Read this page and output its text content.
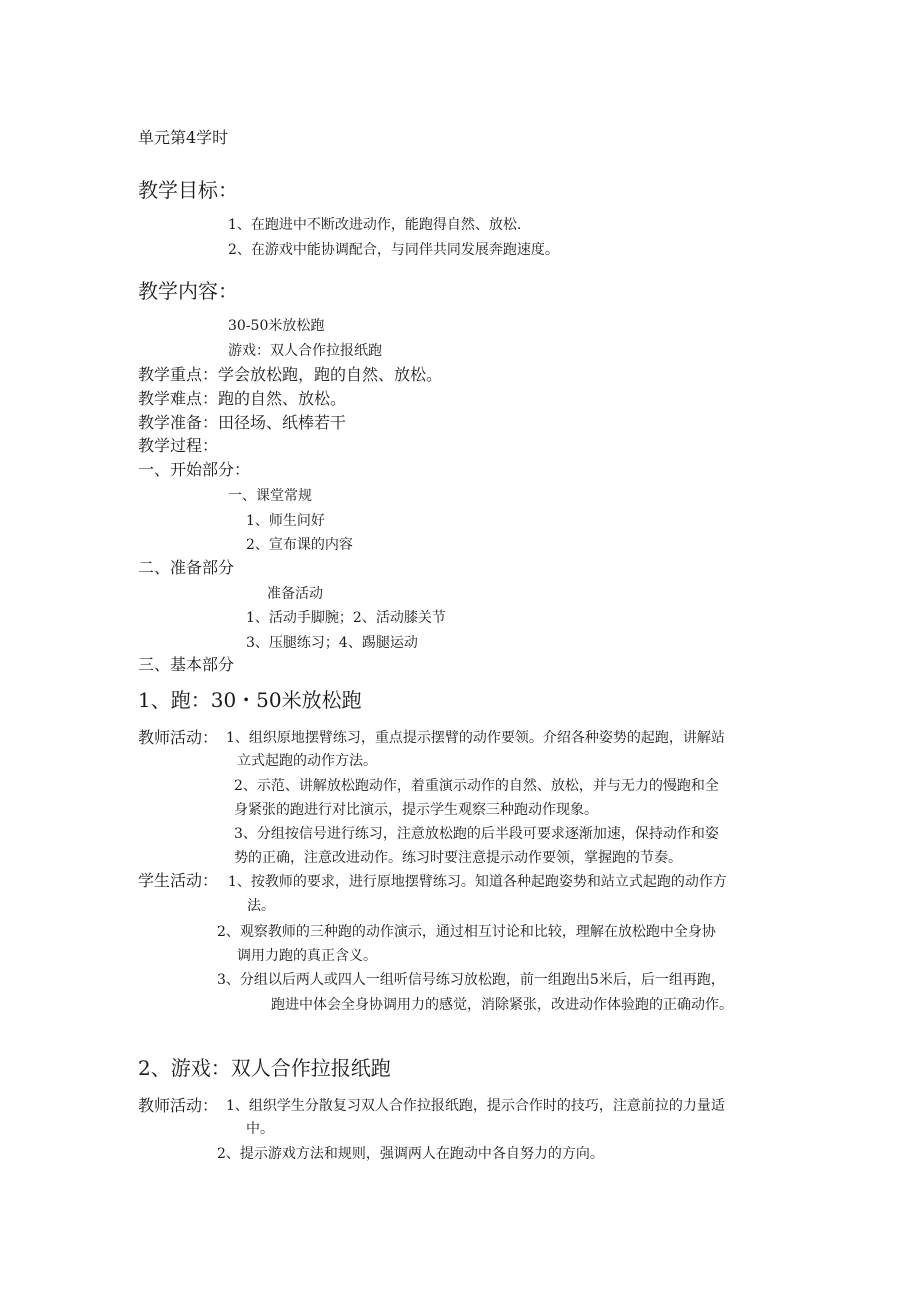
单元第4学时
教学目标：
1、在跑进中不断改进动作，能跑得自然、放松.
2、在游戏中能协调配合，与同伴共同发展奔跑速度。
教学内容：
30-50米放松跑
游戏：双人合作拉报纸跑
教学重点：学会放松跑，跑的自然、放松。
教学难点：跑的自然、放松。
教学准备：田径场、纸棒若干
教学过程：
一、开始部分：
一、课堂常规
1、师生问好
2、宣布课的内容
二、准备部分
准备活动
1、活动手脚腕；2、活动膝关节
3、压腿练习；4、踢腿运动
三、基本部分
1、跑：30・50米放松跑
教师活动： 1、组织原地摆臂练习，重点提示摆臂的动作要领。介绍各种姿势的起跑，讲解站
立式起跑的动作方法。
2、示范、讲解放松跑动作，着重演示动作的自然、放松，并与无力的慢跑和全
身紧张的跑进行对比演示，提示学生观察三种跑动作现象。
3、分组按信号进行练习，注意放松跑的后半段可要求逐渐加速，保持动作和姿
势的正确，注意改进动作。练习时要注意提示动作要领，掌握跑的节奏。
学生活动： 1、按教师的要求，进行原地摆臂练习。知道各种起跑姿势和站立式起跑的动作方
法。
2、观察教师的三种跑的动作演示，通过相互讨论和比较，理解在放松跑中全身协
调用力跑的真正含义。
3、分组以后两人或四人一组听信号练习放松跑，前一组跑出5米后，后一组再跑，
跑进中体会全身协调用力的感觉，消除紧张，改进动作体验跑的正确动作。
2、游戏：双人合作拉报纸跑
教师活动： 1、组织学生分散复习双人合作拉报纸跑，提示合作时的技巧，注意前拉的力量适
中。
2、提示游戏方法和规则，强调两人在跑动中各自努力的方向。
